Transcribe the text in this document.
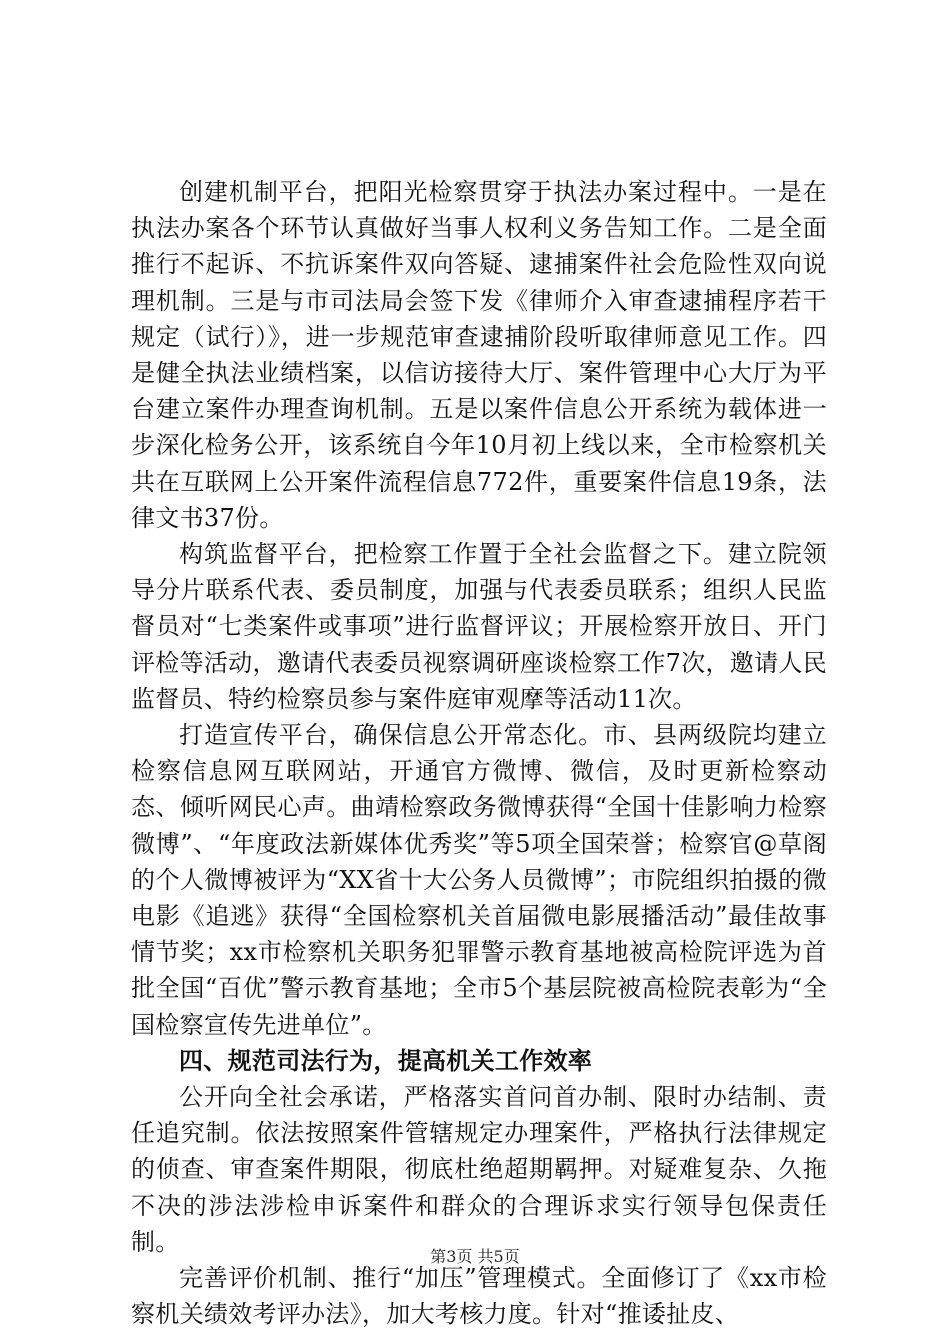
创建机制平台，把阳光检察贯穿于执法办案过程中。一是在执法办案各个环节认真做好当事人权利义务告知工作。二是全面推行不起诉、不抗诉案件双向答疑、逮捕案件社会危险性双向说理机制。三是与市司法局会签下发《律师介入审查逮捕程序若干规定（试行）》，进一步规范审查逮捕阶段听取律师意见工作。四是健全执法业绩档案，以信访接待大厅、案件管理中心大厅为平台建立案件办理查询机制。五是以案件信息公开系统为载体进一步深化检务公开，该系统自今年10月初上线以来，全市检察机关共在互联网上公开案件流程信息772件，重要案件信息19条，法律文书37份。

构筑监督平台，把检察工作置于全社会监督之下。建立院领导分片联系代表、委员制度，加强与代表委员联系；组织人民监督员对“七类案件或事项”进行监督评议；开展检察开放日、开门评检等活动，邀请代表委员视察调研座谈检察工作7次，邀请人民监督员、特约检察员参与案件庭审观摩等活动11次。

打造宣传平台，确保信息公开常态化。市、县两级院均建立检察信息网互联网站，开通官方微博、微信，及时更新检察动态、倾听网民心声。曲靖检察政务微博获得“全国十佳影响力检察微博”、“年度政法新媒体优秀奖”等5项全国荣誉；检察官@草阁的个人微博被评为“XX省十大公务人员微博”；市院组织拍摄的微电影《追逃》获得“全国检察机关首届微电影展播活动”最佳故事情节奖；xx市检察机关职务犯罪警示教育基地被高检院评选为首批全国“百优”警示教育基地；全市5个基层院被高检院表彰为“全国检察宣传先进单位”。

四、规范司法行为，提高机关工作效率

公开向全社会承诺，严格落实首问首办制、限时办结制、责任追究制。依法按照案件管辖规定办理案件，严格执行法律规定的侦查、审查案件期限，彻底杜绝超期羁押。对疑难复杂、久拖不决的涉法涉检申诉案件和群众的合理诉求实行领导包保责任制。

完善评价机制、推行“加压”管理模式。全面修订了《xx市检察机关绩效考评办法》，加大考核力度。针对“推诿扯皮、

第3页 共5页
